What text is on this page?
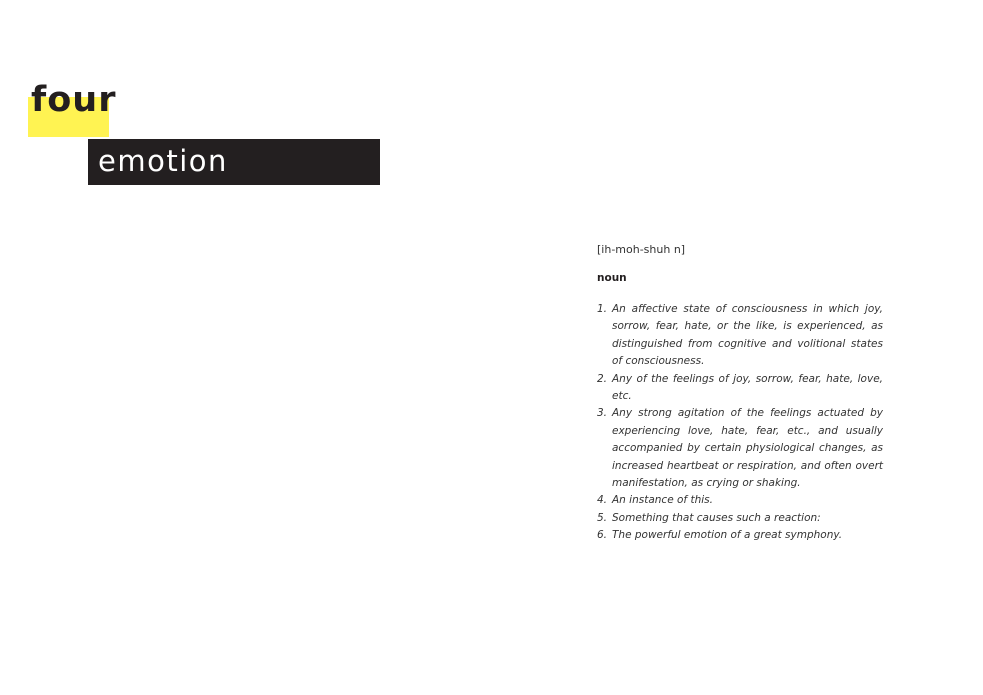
four
emotion

[ih-moh-shuh n]

noun

1. An affective state of consciousness in which joy, sorrow, fear, hate, or the like, is experienced, as distinguished from cognitive and volitional states of consciousness.
2. Any of the feelings of joy, sorrow, fear, hate, love, etc.
3. Any strong agitation of the feelings actuated by experiencing love, hate, fear, etc., and usually accompanied by certain physiological changes, as increased heartbeat or respiration, and often overt manifestation, as crying or shaking.
4. An instance of this.
5. Something that causes such a reaction:
6. The powerful emotion of a great symphony.
